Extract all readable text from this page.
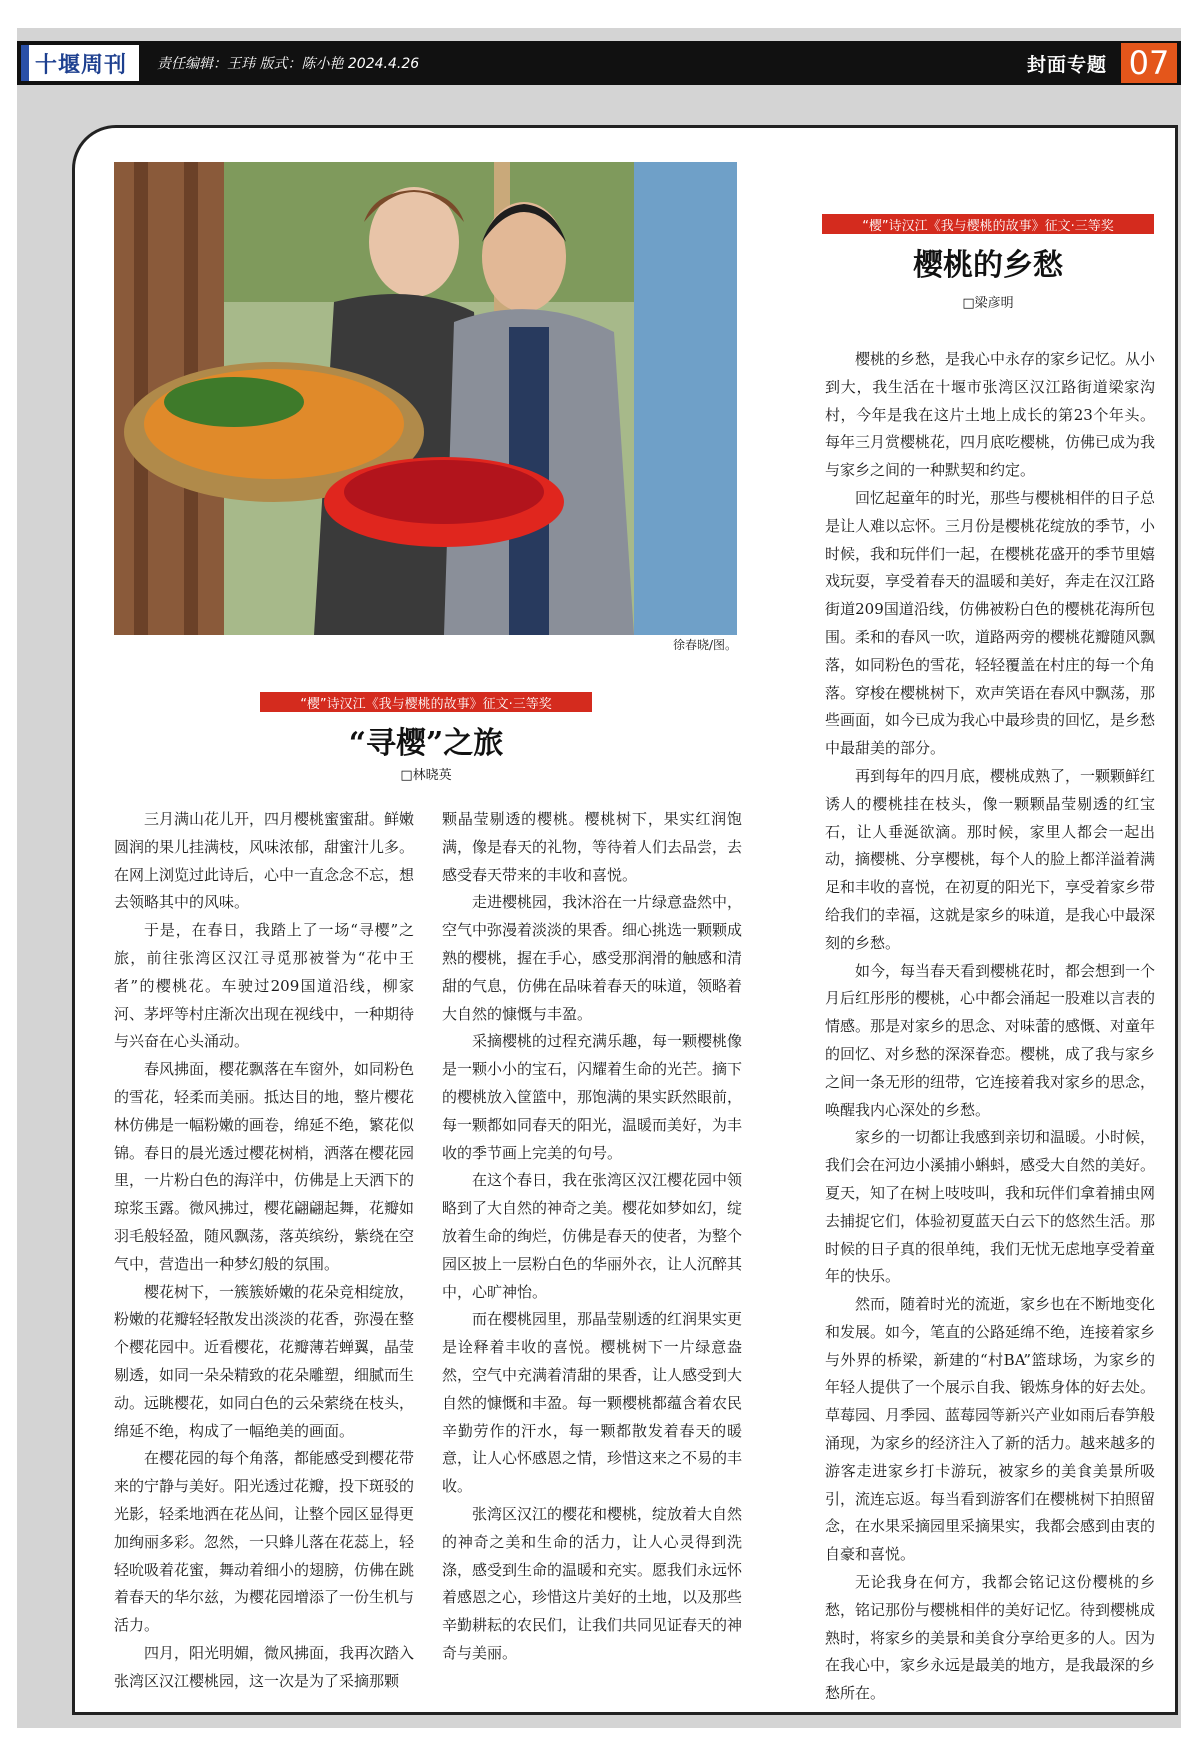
十堰周刊 责任编辑：王玮 版式：陈小艳 2024.4.26	封面专题 07
徐春晓/图。
“樱”诗汉江《我与樱桃的故事》征文·三等奖
“寻樱”之旅
□林晓英

三月满山花儿开，四月樱桃蜜蜜甜。鲜嫩圆润的果儿挂满枝，风味浓郁，甜蜜汁儿多。在网上浏览过此诗后，心中一直念念不忘，想去领略其中的风味。

于是，在春日，我踏上了一场“寻樱”之旅，前往张湾区汉江寻觅那被誉为“花中王者”的樱桃花。车驶过209国道沿线，柳家河、茅坪等村庄渐次出现在视线中，一种期待与兴奋在心头涌动。

春风拂面，樱花飘落在车窗外，如同粉色的雪花，轻柔而美丽。抵达目的地，整片樱花林仿佛是一幅粉嫩的画卷，绵延不绝，繁花似锦。春日的晨光透过樱花树梢，洒落在樱花园里，一片粉白色的海洋中，仿佛是上天洒下的琼浆玉露。微风拂过，樱花翩翩起舞，花瓣如羽毛般轻盈，随风飘荡，落英缤纷，紫绕在空气中，营造出一种梦幻般的氛围。

樱花树下，一簇簇娇嫩的花朵竞相绽放，粉嫩的花瓣轻轻散发出淡淡的花香，弥漫在整个樱花园中。近看樱花，花瓣薄若蝉翼，晶莹剔透，如同一朵朵精致的花朵雕塑，细腻而生动。远眺樱花，如同白色的云朵萦绕在枝头，绵延不绝，构成了一幅绝美的画面。

在樱花园的每个角落，都能感受到樱花带来的宁静与美好。阳光透过花瓣，投下斑驳的光影，轻柔地洒在花丛间，让整个园区显得更加绚丽多彩。忽然，一只蜂儿落在花蕊上，轻轻吮吸着花蜜，舞动着细小的翅膀，仿佛在跳着春天的华尔兹，为樱花园增添了一份生机与活力。

四月，阳光明媚，微风拂面，我再次踏入张湾区汉江樱桃园，这一次是为了采摘那颗

颗晶莹剔透的樱桃。樱桃树下，果实红润饱满，像是春天的礼物，等待着人们去品尝，去感受春天带来的丰收和喜悦。

走进樱桃园，我沐浴在一片绿意盎然中，空气中弥漫着淡淡的果香。细心挑选一颗颗成熟的樱桃，握在手心，感受那润滑的触感和清甜的气息，仿佛在品味着春天的味道，领略着大自然的慷慨与丰盈。

采摘樱桃的过程充满乐趣，每一颗樱桃像是一颗小小的宝石，闪耀着生命的光芒。摘下的樱桃放入筐篮中，那饱满的果实跃然眼前，每一颗都如同春天的阳光，温暖而美好，为丰收的季节画上完美的句号。

在这个春日，我在张湾区汉江樱花园中领略到了大自然的神奇之美。樱花如梦如幻，绽放着生命的绚烂，仿佛是春天的使者，为整个园区披上一层粉白色的华丽外衣，让人沉醉其中，心旷神怡。

而在樱桃园里，那晶莹剔透的红润果实更是诠释着丰收的喜悦。樱桃树下一片绿意盎然，空气中充满着清甜的果香，让人感受到大自然的慷慨和丰盈。每一颗樱桃都蕴含着农民辛勤劳作的汗水，每一颗都散发着春天的暖意，让人心怀感恩之情，珍惜这来之不易的丰收。

张湾区汉江的樱花和樱桃，绽放着大自然的神奇之美和生命的活力，让人心灵得到洗涤，感受到生命的温暖和充实。愿我们永远怀着感恩之心，珍惜这片美好的土地，以及那些辛勤耕耘的农民们，让我们共同见证春天的神奇与美丽。

“樱”诗汉江《我与樱桃的故事》征文·三等奖
樱桃的乡愁
□梁彦明

樱桃的乡愁，是我心中永存的家乡记忆。从小到大，我生活在十堰市张湾区汉江路街道梁家沟村，今年是我在这片土地上成长的第23个年头。每年三月赏樱桃花，四月底吃樱桃，仿佛已成为我与家乡之间的一种默契和约定。

回忆起童年的时光，那些与樱桃相伴的日子总是让人难以忘怀。三月份是樱桃花绽放的季节，小时候，我和玩伴们一起，在樱桃花盛开的季节里嬉戏玩耍，享受着春天的温暖和美好，奔走在汉江路街道209国道沿线，仿佛被粉白色的樱桃花海所包围。柔和的春风一吹，道路两旁的樱桃花瓣随风飘落，如同粉色的雪花，轻轻覆盖在村庄的每一个角落。穿梭在樱桃树下，欢声笑语在春风中飘荡，那些画面，如今已成为我心中最珍贵的回忆，是乡愁中最甜美的部分。

再到每年的四月底，樱桃成熟了，一颗颗鲜红诱人的樱桃挂在枝头，像一颗颗晶莹剔透的红宝石，让人垂涎欲滴。那时候，家里人都会一起出动，摘樱桃、分享樱桃，每个人的脸上都洋溢着满足和丰收的喜悦，在初夏的阳光下，享受着家乡带给我们的幸福，这就是家乡的味道，是我心中最深刻的乡愁。

如今，每当春天看到樱桃花时，都会想到一个月后红彤彤的樱桃，心中都会涌起一股难以言表的情感。那是对家乡的思念、对味蕾的感慨、对童年的回忆、对乡愁的深深眷恋。樱桃，成了我与家乡之间一条无形的纽带，它连接着我对家乡的思念，唤醒我内心深处的乡愁。

家乡的一切都让我感到亲切和温暖。小时候，我们会在河边小溪捕小蝌蚪，感受大自然的美好。夏天，知了在树上吱吱叫，我和玩伴们拿着捕虫网去捕捉它们，体验初夏蓝天白云下的悠然生活。那时候的日子真的很单纯，我们无忧无虑地享受着童年的快乐。

然而，随着时光的流逝，家乡也在不断地变化和发展。如今，笔直的公路延绵不绝，连接着家乡与外界的桥梁，新建的“村BA”篮球场，为家乡的年轻人提供了一个展示自我、锻炼身体的好去处。草莓园、月季园、蓝莓园等新兴产业如雨后春笋般涌现，为家乡的经济注入了新的活力。越来越多的游客走进家乡打卡游玩，被家乡的美食美景所吸引，流连忘返。每当看到游客们在樱桃树下拍照留念，在水果采摘园里采摘果实，我都会感到由衷的自豪和喜悦。

无论我身在何方，我都会铭记这份樱桃的乡愁，铭记那份与樱桃相伴的美好记忆。待到樱桃成熟时，将家乡的美景和美食分享给更多的人。因为在我心中，家乡永远是最美的地方，是我最深的乡愁所在。
